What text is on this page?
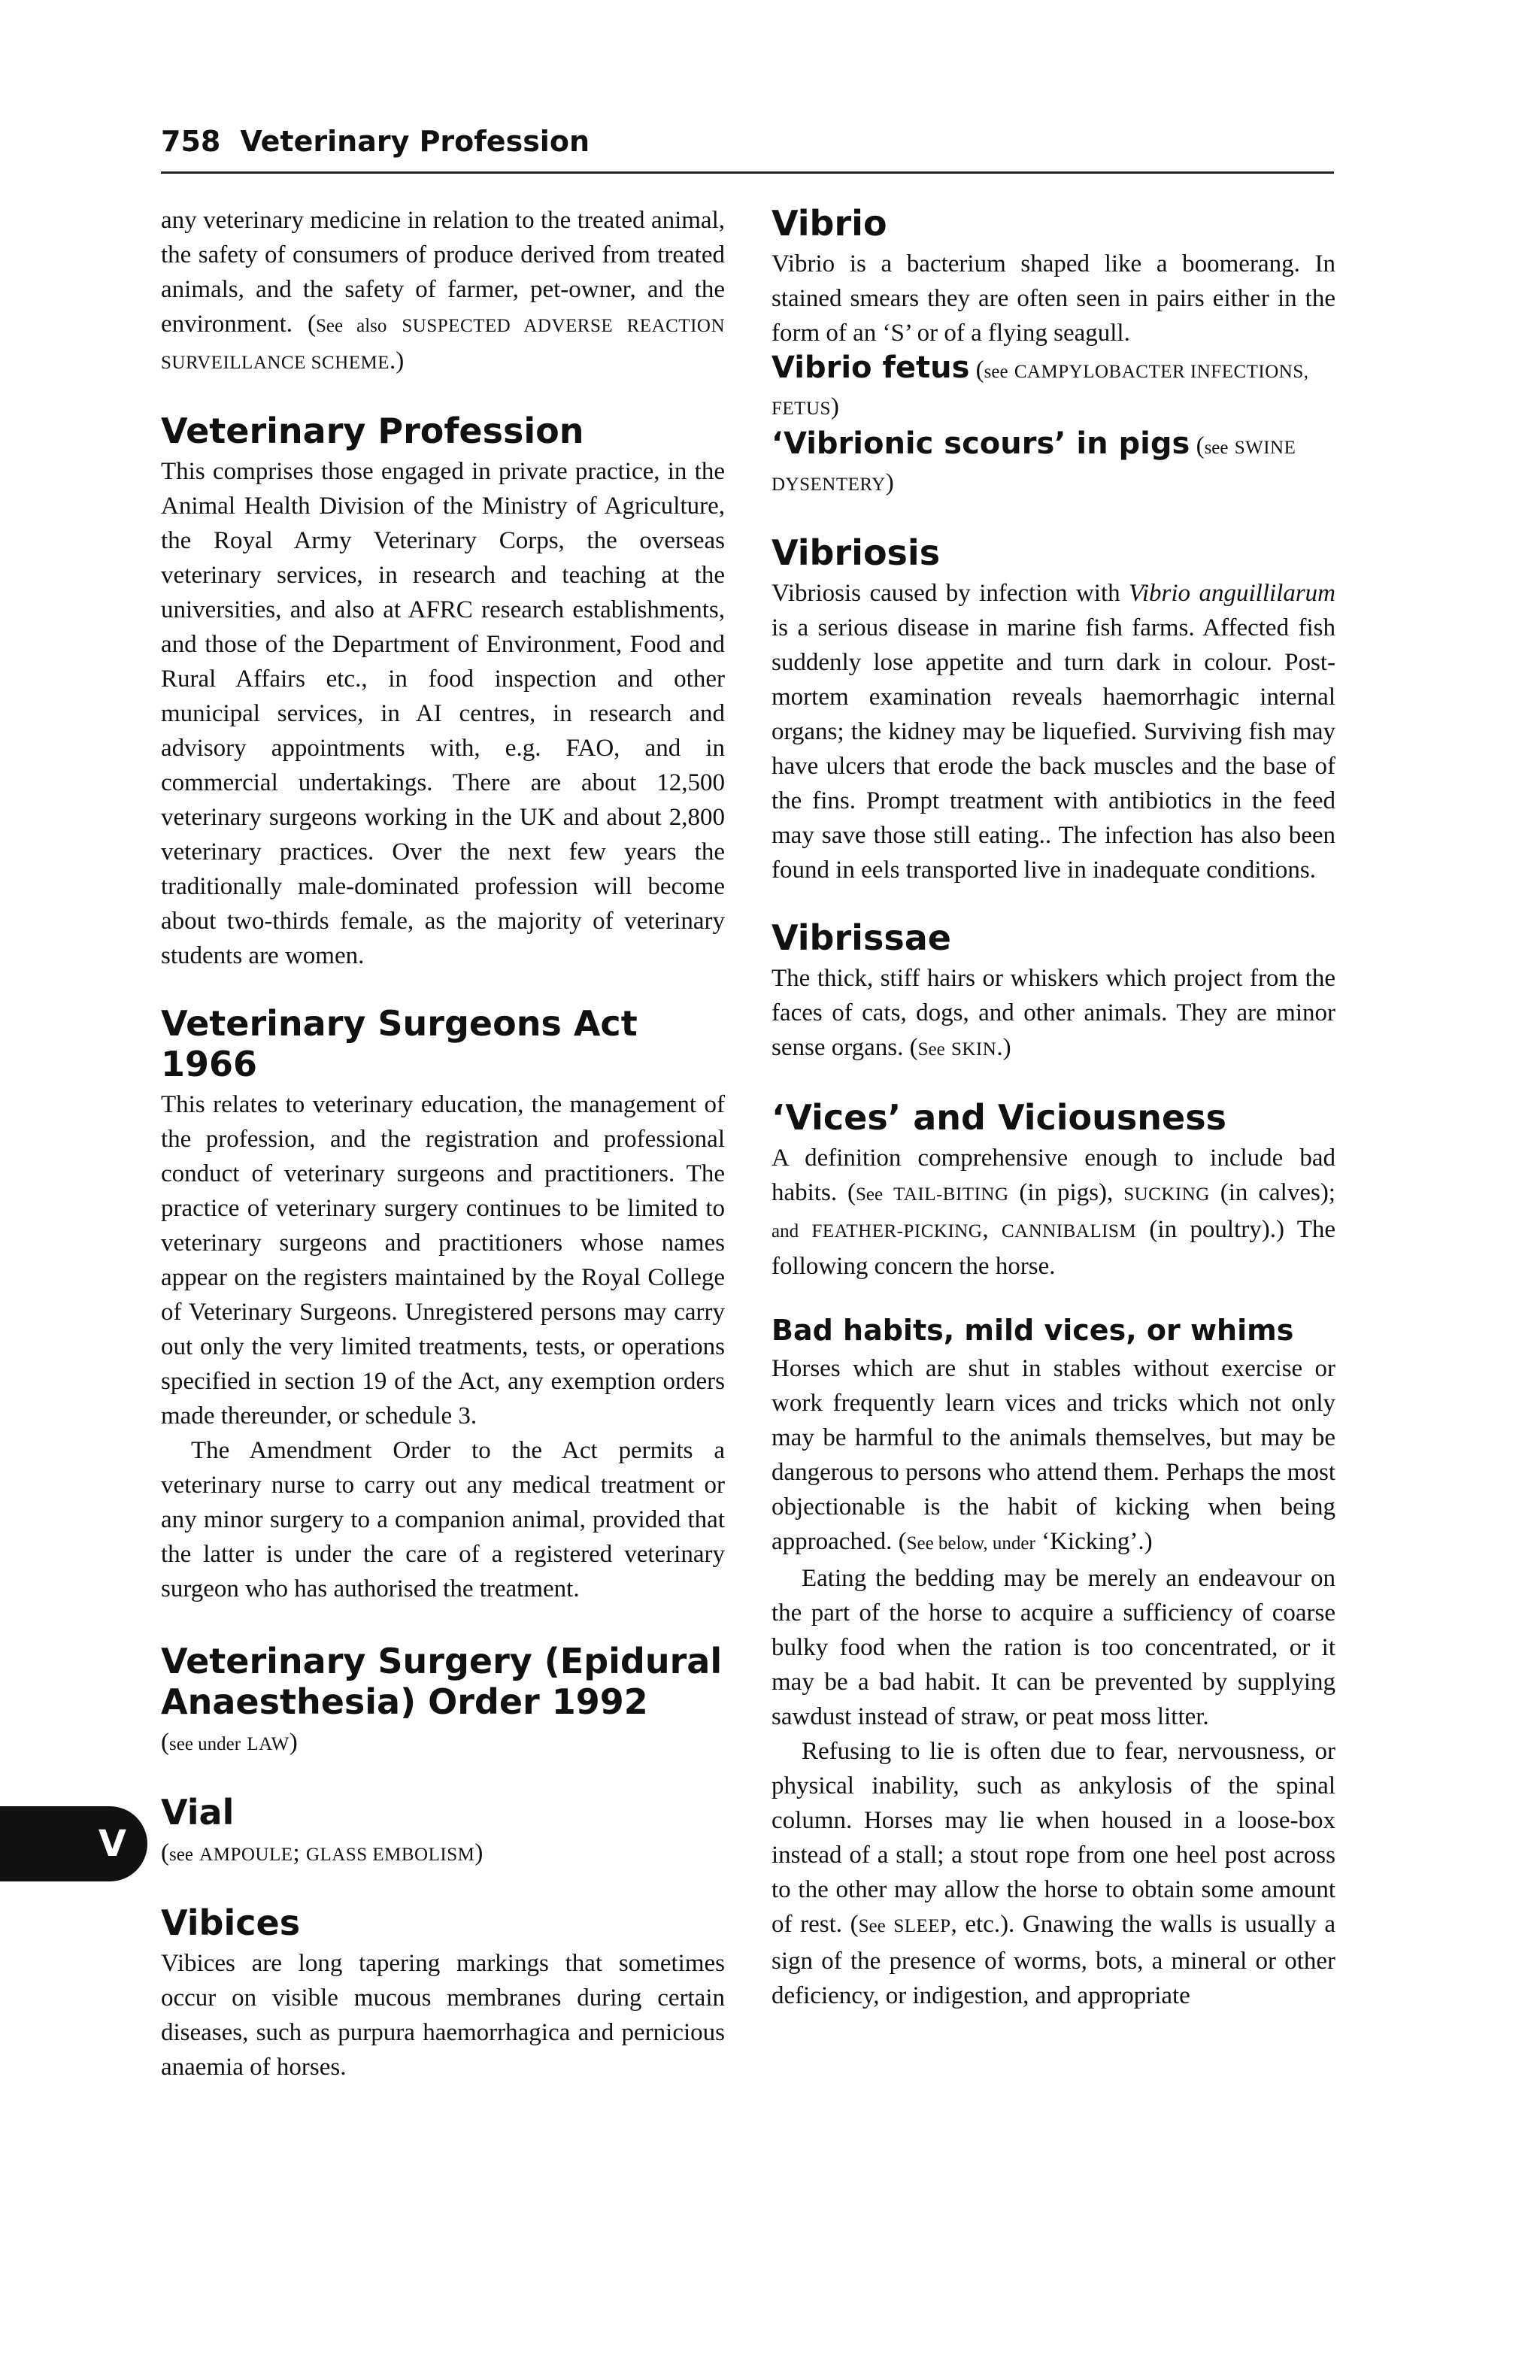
758 Veterinary Profession

any veterinary medicine in relation to the treated animal, the safety of consumers of produce derived from treated animals, and the safety of farmer, pet-owner, and the environment. (See also SUSPECTED ADVERSE REACTION SURVEILLANCE SCHEME.)

Veterinary Profession

This comprises those engaged in private practice, in the Animal Health Division of the Ministry of Agriculture, the Royal Army Veterinary Corps, the overseas veterinary services, in research and teaching at the universities, and also at AFRC research establishments, and those of the Department of Environment, Food and Rural Affairs etc., in food inspection and other municipal services, in AI centres, in research and advisory appointments with, e.g. FAO, and in commercial undertakings. There are about 12,500 veterinary surgeons working in the UK and about 2,800 veterinary practices. Over the next few years the traditionally male-dominated profession will become about two-thirds female, as the majority of veterinary students are women.

Veterinary Surgeons Act 1966

This relates to veterinary education, the management of the profession, and the registration and professional conduct of veterinary surgeons and practitioners. The practice of veterinary surgery continues to be limited to veterinary surgeons and practitioners whose names appear on the registers maintained by the Royal College of Veterinary Surgeons. Unregistered persons may carry out only the very limited treatments, tests, or operations specified in section 19 of the Act, any exemption orders made thereunder, or schedule 3.

The Amendment Order to the Act permits a veterinary nurse to carry out any medical treatment or any minor surgery to a companion animal, provided that the latter is under the care of a registered veterinary surgeon who has authorised the treatment.

Veterinary Surgery (Epidural Anaesthesia) Order 1992

(see under LAW)

Vial

(see AMPOULE; GLASS EMBOLISM)

Vibices

Vibices are long tapering markings that sometimes occur on visible mucous membranes during certain diseases, such as purpura haemorrhagica and pernicious anaemia of horses.

Vibrio

Vibrio is a bacterium shaped like a boomerang. In stained smears they are often seen in pairs either in the form of an ‘S’ or of a flying seagull.

Vibrio fetus (see CAMPYLOBACTER INFECTIONS, FETUS)

‘Vibrionic scours’ in pigs (see SWINE DYSENTERY)

Vibriosis

Vibriosis caused by infection with Vibrio anguillilarum is a serious disease in marine fish farms. Affected fish suddenly lose appetite and turn dark in colour. Post-mortem examination reveals haemorrhagic internal organs; the kidney may be liquefied. Surviving fish may have ulcers that erode the back muscles and the base of the fins. Prompt treatment with antibiotics in the feed may save those still eating.. The infection has also been found in eels transported live in inadequate conditions.

Vibrissae

The thick, stiff hairs or whiskers which project from the faces of cats, dogs, and other animals. They are minor sense organs. (See SKIN.)

‘Vices’ and Viciousness

A definition comprehensive enough to include bad habits. (See TAIL-BITING (in pigs), SUCKING (in calves); and FEATHER-PICKING, CANNIBALISM (in poultry).) The following concern the horse.

Bad habits, mild vices, or whims

Horses which are shut in stables without exercise or work frequently learn vices and tricks which not only may be harmful to the animals themselves, but may be dangerous to persons who attend them. Perhaps the most objectionable is the habit of kicking when being approached. (See below, under ‘Kicking’.)

Eating the bedding may be merely an endeavour on the part of the horse to acquire a sufficiency of coarse bulky food when the ration is too concentrated, or it may be a bad habit. It can be prevented by supplying sawdust instead of straw, or peat moss litter.

Refusing to lie is often due to fear, nervousness, or physical inability, such as ankylosis of the spinal column. Horses may lie when housed in a loose-box instead of a stall; a stout rope from one heel post across to the other may allow the horse to obtain some amount of rest. (See SLEEP, etc.). Gnawing the walls is usually a sign of the presence of worms, bots, a mineral or other deficiency, or indigestion, and appropriate

V
